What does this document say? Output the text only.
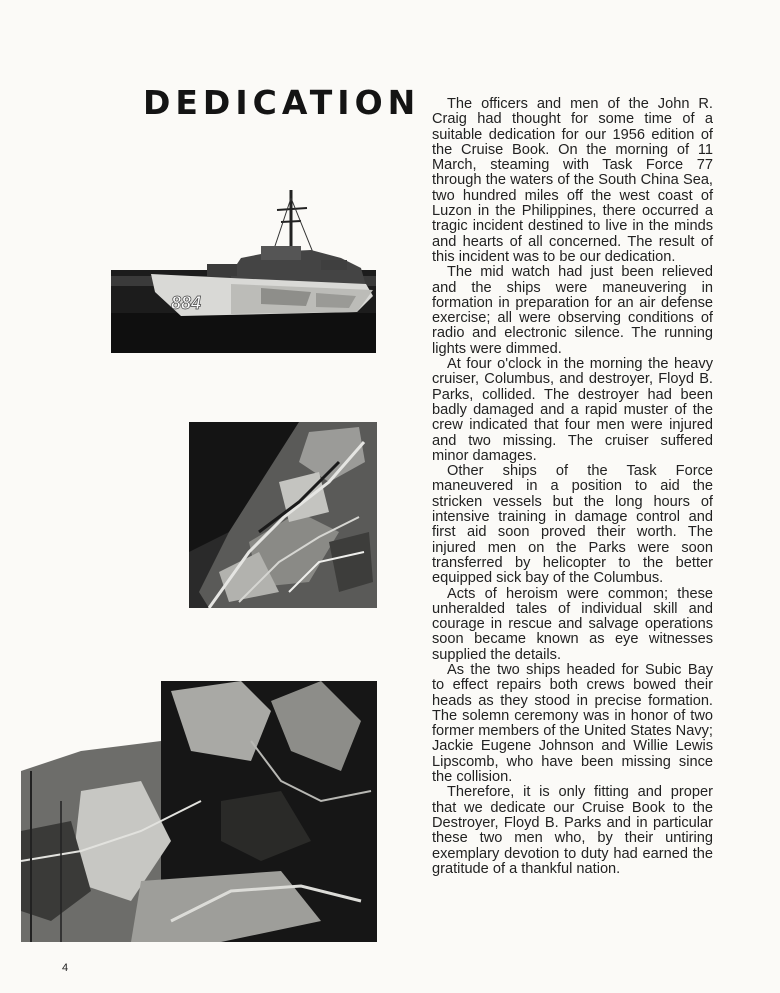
DEDICATION
884

The officers and men of the John R. Craig had thought for some time of a suitable dedication for our 1956 edition of the Cruise Book. On the morning of 11 March, steaming with Task Force 77 through the waters of the South China Sea, two hundred miles off the west coast of Luzon in the Philippines, there occurred a tragic incident destined to live in the minds and hearts of all concerned. The result of this incident was to be our dedication.

The mid watch had just been relieved and the ships were maneuvering in formation in preparation for an air defense exercise; all were observing conditions of radio and electronic silence. The running lights were dimmed.

At four o'clock in the morning the heavy cruiser, Columbus, and destroyer, Floyd B. Parks, collided. The destroyer had been badly damaged and a rapid muster of the crew indicated that four men were injured and two missing. The cruiser suffered minor damages.

Other ships of the Task Force maneuvered in a position to aid the stricken vessels but the long hours of intensive training in damage control and first aid soon proved their worth. The injured men on the Parks were soon transferred by helicopter to the better equipped sick bay of the Columbus.

Acts of heroism were common; these unheralded tales of individual skill and courage in rescue and salvage operations soon became known as eye witnesses supplied the details.

As the two ships headed for Subic Bay to effect repairs both crews bowed their heads as they stood in precise formation. The solemn ceremony was in honor of two former members of the United States Navy; Jackie Eugene Johnson and Willie Lewis Lipscomb, who have been missing since the collision.

Therefore, it is only fitting and proper that we dedicate our Cruise Book to the Destroyer, Floyd B. Parks and in particular these two men who, by their untiring exemplary devotion to duty had earned the gratitude of a thankful nation.

4
